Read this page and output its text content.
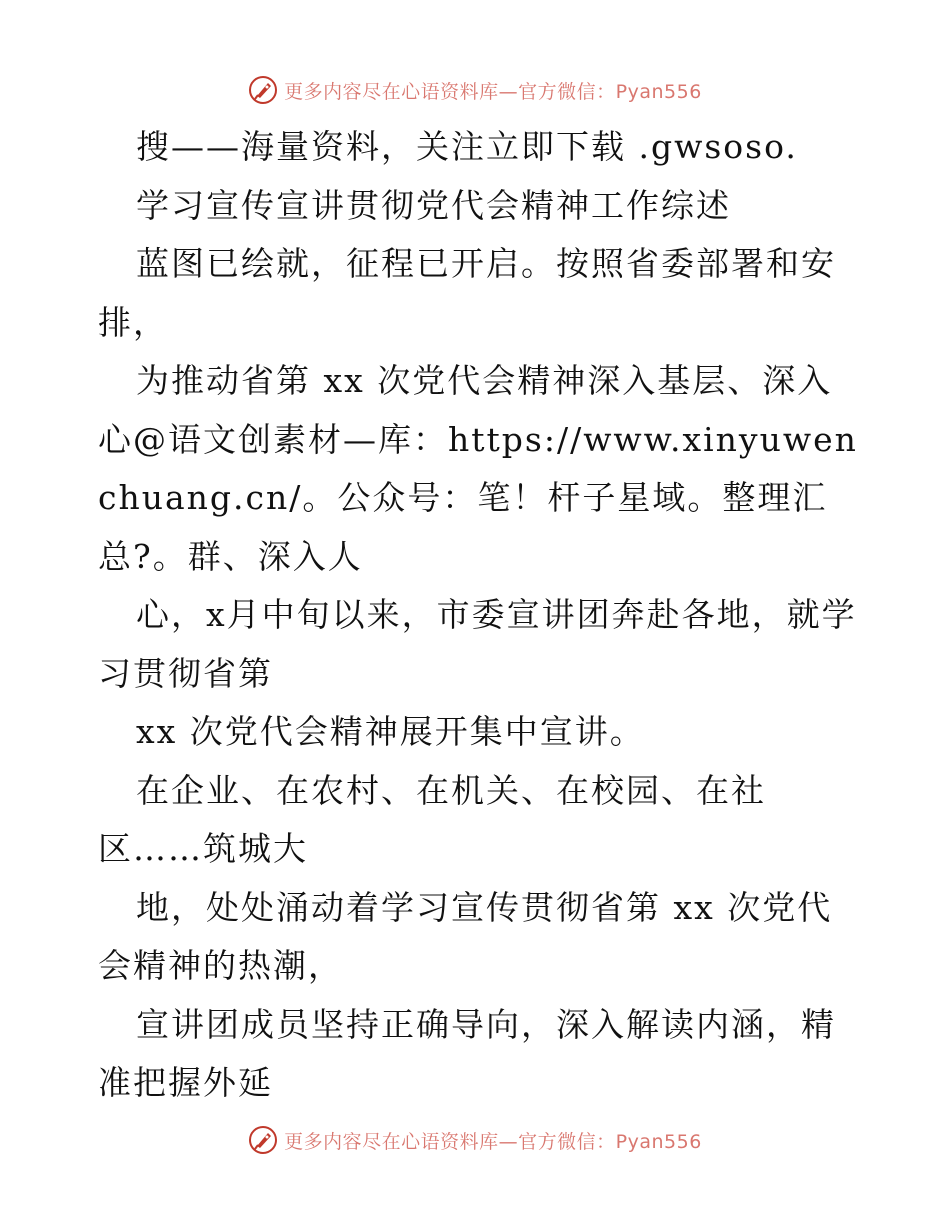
更多内容尽在心语资料库—官方微信：Pyan556

搜——海量资料，关注立即下载 .gwsoso.

学习宣传宣讲贯彻党代会精神工作综述

蓝图已绘就，征程已开启。按照省委部署和安排，

为推动省第 xx 次党代会精神深入基层、深入心@语文创素材—库：https://www.xinyuwenchuang.cn/。公众号：笔！杆子星域。整理汇总?。群、深入人

心，x月中旬以来，市委宣讲团奔赴各地，就学习贯彻省第

xx 次党代会精神展开集中宣讲。

在企业、在农村、在机关、在校园、在社区……筑城大

地，处处涌动着学习宣传贯彻省第 xx 次党代会精神的热潮，

宣讲团成员坚持正确导向，深入解读内涵，精准把握外延

更多内容尽在心语资料库—官方微信：Pyan556
